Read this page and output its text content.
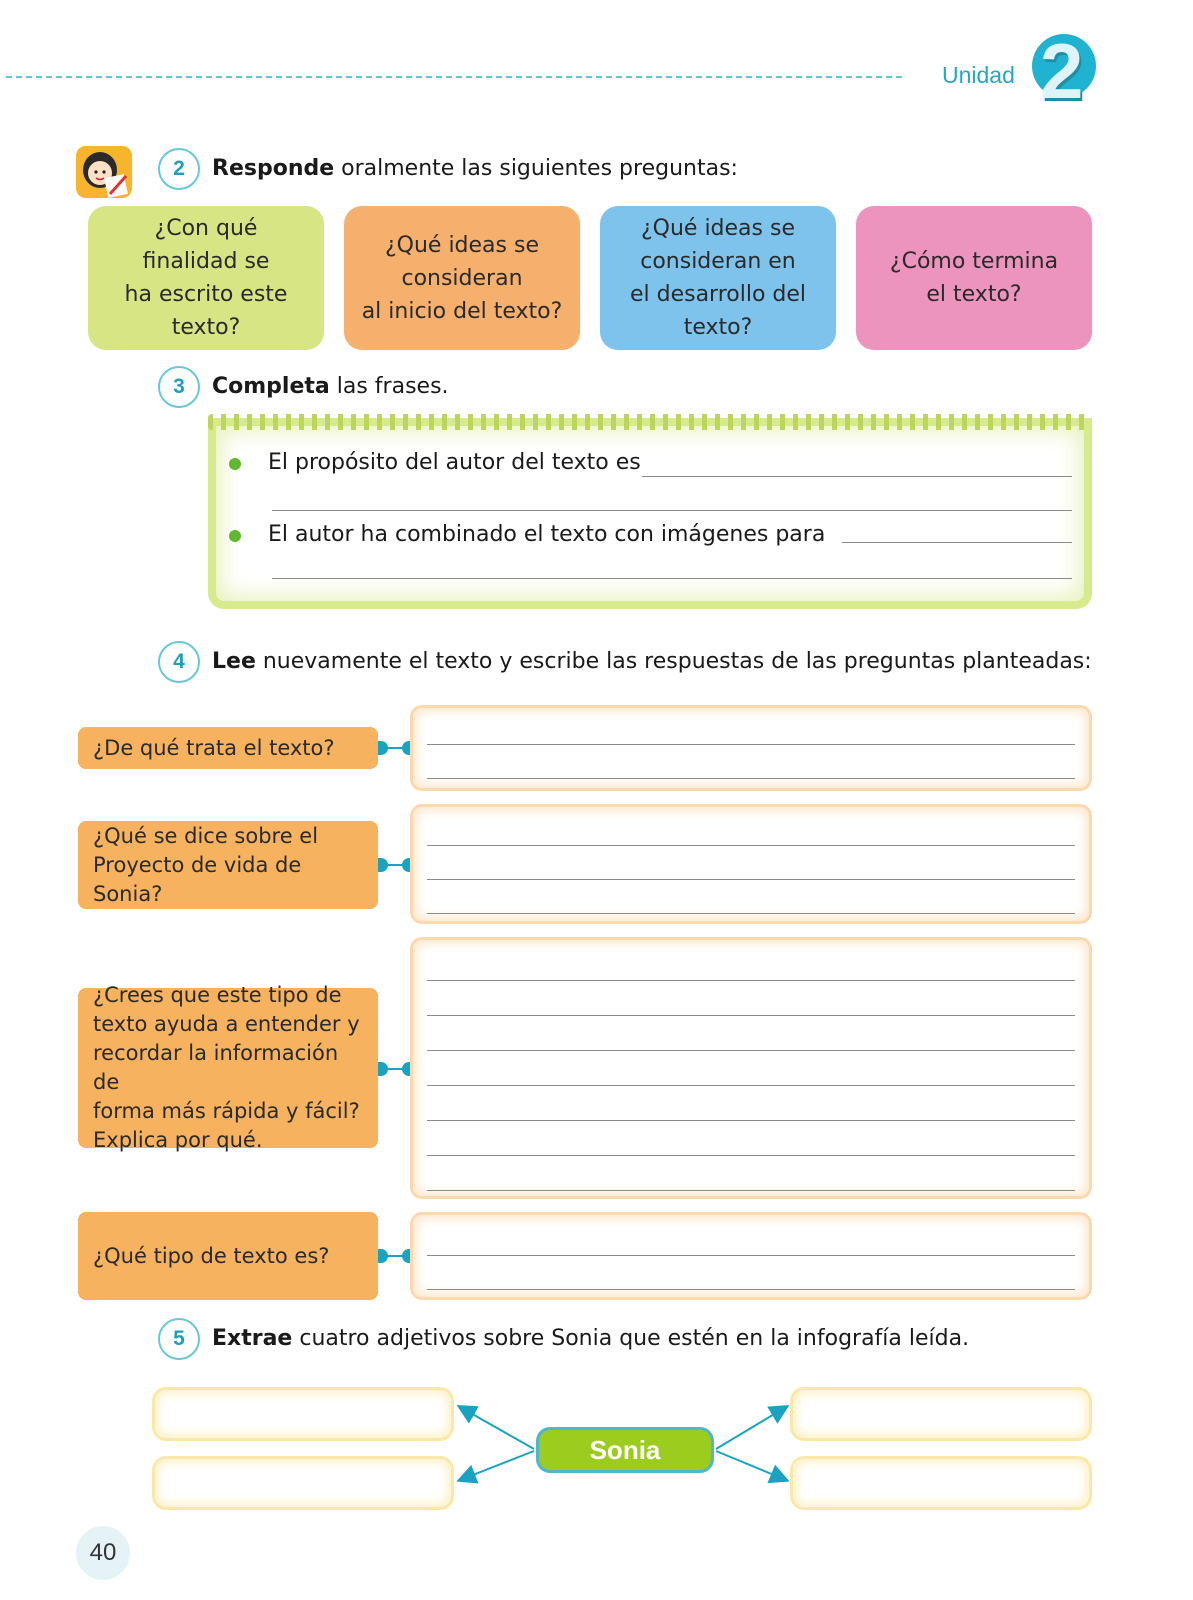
Unidad 2
2	Responde oralmente las siguientes preguntas:
¿Con qué
finalidad se
ha escrito este
texto?
¿Qué ideas se
consideran
al inicio del texto?
¿Qué ideas se
consideran en
el desarrollo del
texto?
¿Cómo termina
el texto?
3	Completa las frases.
El propósito del autor del texto es
El autor ha combinado el texto con imágenes para
4	Lee nuevamente el texto y escribe las respuestas de las preguntas planteadas:
¿De qué trata el texto?
¿Qué se dice sobre el
Proyecto de vida de Sonia?
¿Crees que este tipo de
texto ayuda a entender y
recordar la información de
forma más rápida y fácil?
Explica por qué.
¿Qué tipo de texto es?
5	Extrae cuatro adjetivos sobre Sonia que estén en la infografía leída.
Sonia
40
